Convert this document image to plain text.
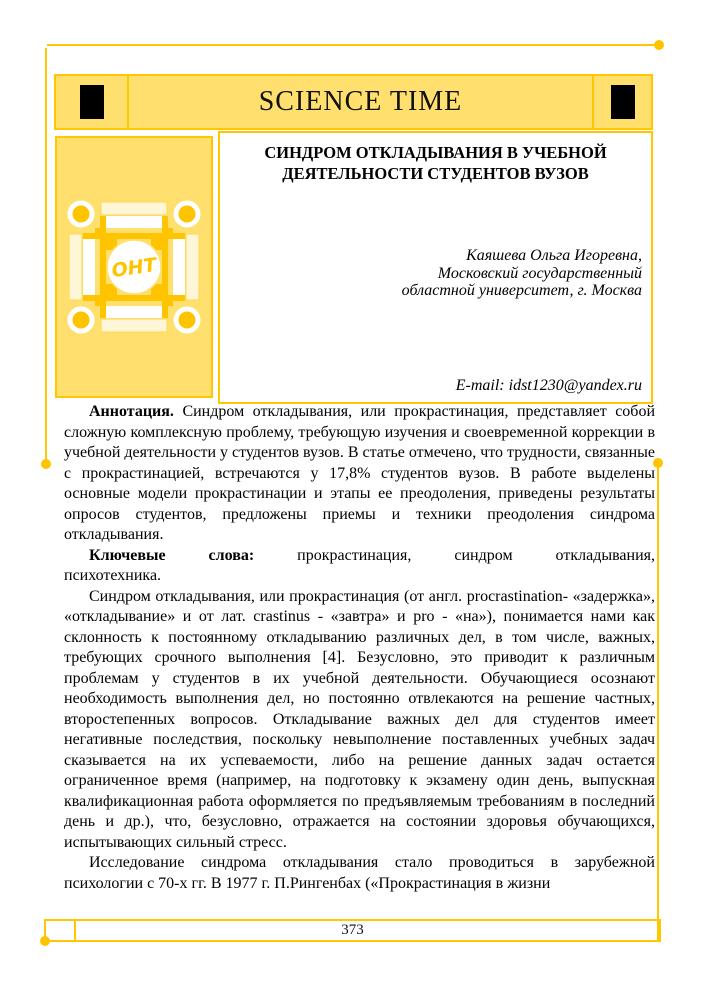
SCIENCE TIME
ОНТ
СИНДРОМ ОТКЛАДЫВАНИЯ В УЧЕБНОЙ ДЕЯТЕЛЬНОСТИ СТУДЕНТОВ ВУЗОВ
Каяшева Ольга Игоревна,
Московский государственный
областной университет, г. Москва
E-mail: idst1230@yandex.ru

Аннотация. Синдром откладывания, или прокрастинация, представляет собой сложную комплексную проблему, требующую изучения и своевременной коррекции в учебной деятельности у студентов вузов. В статье отмечено, что трудности, связанные с прокрастинацией, встречаются у 17,8% студентов вузов. В работе выделены основные модели прокрастинации и этапы ее преодоления, приведены результаты опросов студентов, предложены приемы и техники преодоления синдрома откладывания.

Ключевые слова:	прокрастинация, синдром откладывания, психотехника.

Синдром откладывания, или прокрастинация (от англ. procrastination- «задержка», «откладывание» и от лат. crastinus - «завтра» и pro - «на»), понимается нами как склонность к постоянному откладыванию различных дел, в том числе, важных, требующих срочного выполнения [4]. Безусловно, это приводит к различным проблемам у студентов в их учебной деятельности. Обучающиеся осознают необходимость выполнения дел, но постоянно отвлекаются на решение частных, второстепенных вопросов. Откладывание важных дел для студентов имеет негативные последствия, поскольку невыполнение поставленных учебных задач сказывается на их успеваемости, либо на решение данных задач остается ограниченное время (например, на подготовку к экзамену один день, выпускная квалификационная работа оформляется по предъявляемым требованиям в последний день и др.), что, безусловно, отражается на состоянии здоровья обучающихся, испытывающих сильный стресс.

Исследование синдрома откладывания стало проводиться в зарубежной психологии с 70-х гг. В 1977 г. П.Рингенбах («Прокрастинация в жизни

373
